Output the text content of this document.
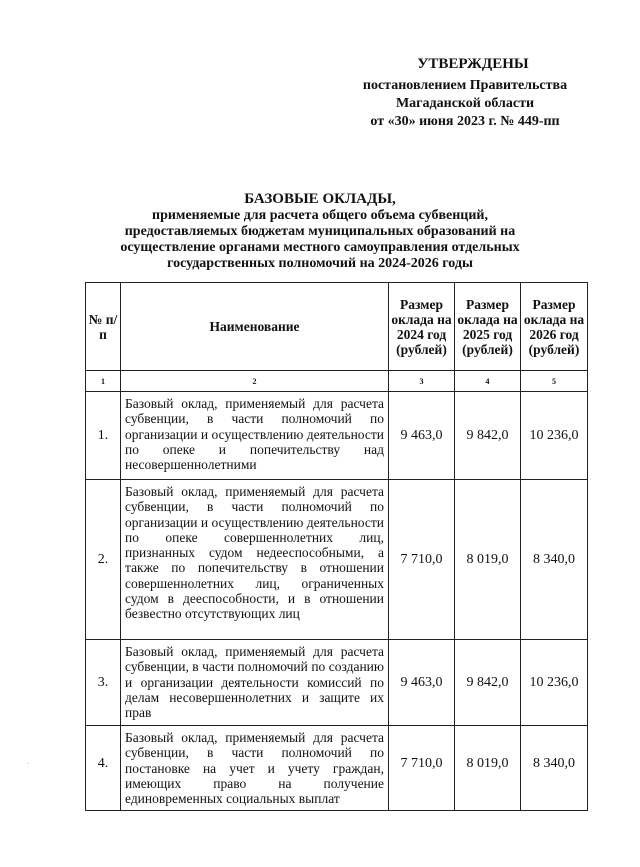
УТВЕРЖДЕНЫ
постановлением Правительства
Магаданской области
от «30» июня 2023 г. № 449-пп
БАЗОВЫЕ ОКЛАДЫ,
применяемые для расчета общего объема субвенций,
предоставляемых бюджетам муниципальных образований на
осуществление органами местного самоуправления отдельных
государственных полномочий на 2024-2026 годы
№ п/п	Наименование	Размер оклада на 2024 год (рублей)	Размер оклада на 2025 год (рублей)	Размер оклада на 2026 год (рублей)
1	2	3	4	5
1.	Базовый оклад, применяемый для расчета субвенции, в части полномочий по организации и осуществлению деятельности по опеке и попечительству над несовершеннолетними	9 463,0	9 842,0	10 236,0
2.	Базовый оклад, применяемый для расчета субвенции, в части полномочий по организации и осуществлению деятельности по опеке совершеннолетних лиц, признанных судом недееспособными, а также по попечительству в отношении совершеннолетних лиц, ограниченных судом в дееспособности, и в отношении безвестно отсутствующих лиц	7 710,0	8 019,0	8 340,0
3.	Базовый оклад, применяемый для расчета субвенции, в части полномочий по созданию и организации деятельности комиссий по делам несовершеннолетних и защите их прав	9 463,0	9 842,0	10 236,0
4.	Базовый оклад, применяемый для расчета субвенции, в части полномочий по постановке на учет и учету граждан, имеющих право на получение единовременных социальных выплат	7 710,0	8 019,0	8 340,0
·
